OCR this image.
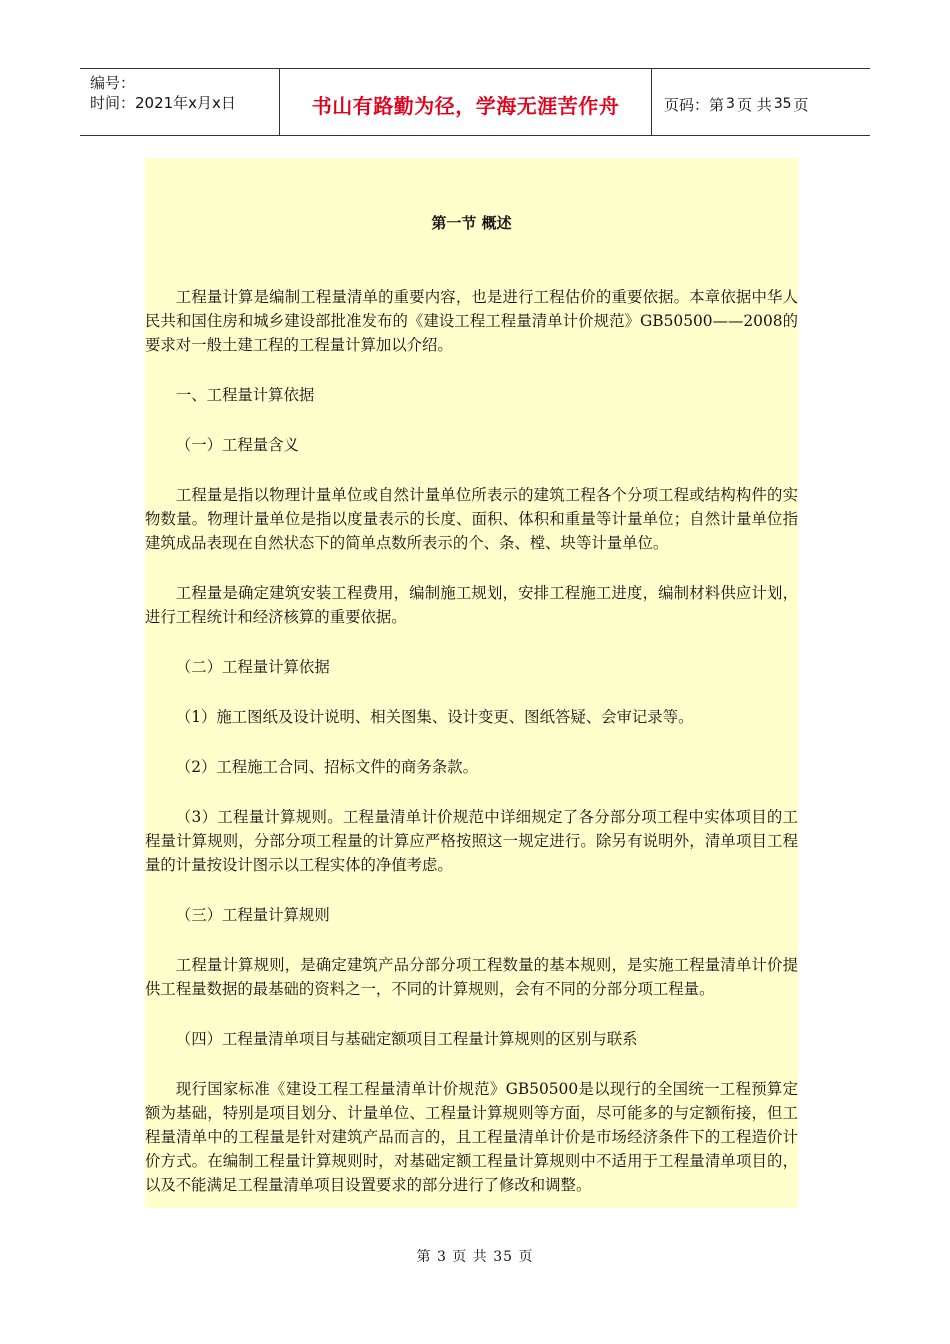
编号：
时间：2021年x月x日	书山有路勤为径，学海无涯苦作舟	页码：第 3 页 共 35 页
第一节 概述

工程量计算是编制工程量清单的重要内容，也是进行工程估价的重要依据。本章依据中华人民共和国住房和城乡建设部批准发布的《建设工程工程量清单计价规范》GB50500——2008的要求对一般土建工程的工程量计算加以介绍。

一、工程量计算依据

（一）工程量含义

工程量是指以物理计量单位或自然计量单位所表示的建筑工程各个分项工程或结构构件的实物数量。物理计量单位是指以度量表示的长度、面积、体积和重量等计量单位；自然计量单位指建筑成品表现在自然状态下的简单点数所表示的个、条、樘、块等计量单位。

工程量是确定建筑安装工程费用，编制施工规划，安排工程施工进度，编制材料供应计划，进行工程统计和经济核算的重要依据。

（二）工程量计算依据

（1）施工图纸及设计说明、相关图集、设计变更、图纸答疑、会审记录等。

（2）工程施工合同、招标文件的商务条款。

（3）工程量计算规则。工程量清单计价规范中详细规定了各分部分项工程中实体项目的工程量计算规则，分部分项工程量的计算应严格按照这一规定进行。除另有说明外，清单项目工程量的计量按设计图示以工程实体的净值考虑。

（三）工程量计算规则

工程量计算规则，是确定建筑产品分部分项工程数量的基本规则，是实施工程量清单计价提供工程量数据的最基础的资料之一，不同的计算规则，会有不同的分部分项工程量。

（四）工程量清单项目与基础定额项目工程量计算规则的区别与联系

现行国家标准《建设工程工程量清单计价规范》GB50500是以现行的全国统一工程预算定额为基础，特别是项目划分、计量单位、工程量计算规则等方面，尽可能多的与定额衔接，但工程量清单中的工程量是针对建筑产品而言的，且工程量清单计价是市场经济条件下的工程造价计价方式。在编制工程量计算规则时，对基础定额工程量计算规则中不适用于工程量清单项目的，以及不能满足工程量清单项目设置要求的部分进行了修改和调整。

第 3 页 共 35 页
